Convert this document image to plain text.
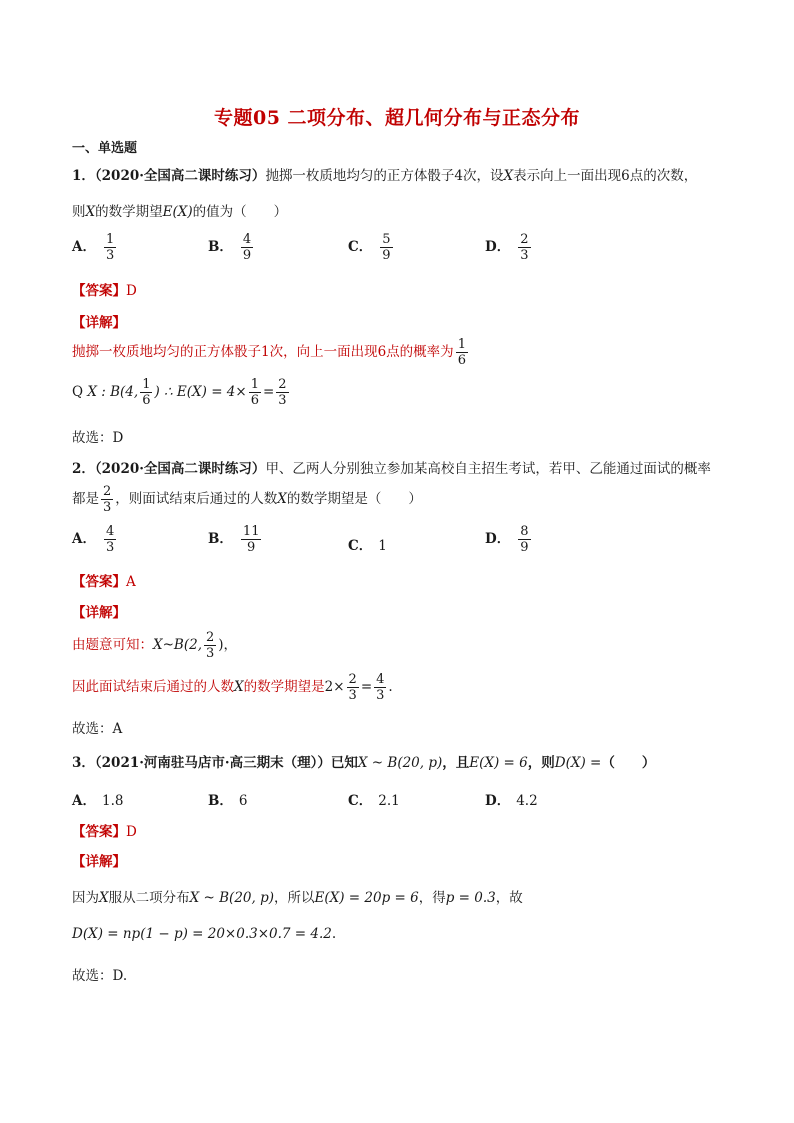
专题05 二项分布、超几何分布与正态分布
一、单选题
1．（2020·全国高二课时练习）抛掷一枚质地均匀的正方体骰子4次，设X表示向上一面出现6点的次数，
则X的数学期望E(X)的值为（　　）
A． $\frac{1}{3}$	B． $\frac{4}{9}$	C． $\frac{5}{9}$	D． $\frac{2}{3}$
【答案】D
【详解】
抛掷一枚质地均匀的正方体骰子1次，向上一面出现6点的概率为 $\frac{1}{6}$
Q X : B(4, $\frac{1}{6}$ ) ∴ $E(X) = 4\times \frac{1}{6} = \frac{2}{3}$
故选：D
2．（2020·全国高二课时练习）甲、乙两人分别独立参加某高校自主招生考试，若甲、乙能通过面试的概率
都是 $\frac{2}{3}$ ，则面试结束后通过的人数X的数学期望是（　　）
A． $\frac{4}{3}$	B． $\frac{11}{9}$	C． 1	D． $\frac{8}{9}$
【答案】A
【详解】
由题意可知：X~B(2, $\frac{2}{3}$ )，
因此面试结束后通过的人数X的数学期望是$2\times \frac{2}{3} = \frac{4}{3}$ .
故选：A
3．（2021·河南驻马店市·高三期末（理））已知X ~ B(20, p)，且E(X) = 6，则D(X) =（　　）
A． 1.8	B． 6	C． 2.1	D． 4.2
【答案】D
【详解】
因为X服从二项分布X ~ B(20, p)，所以E(X) = 20p = 6，得p = 0.3，故
D(X) = np(1 − p) = 20×0.3×0.7 = 4.2.
故选：D.
